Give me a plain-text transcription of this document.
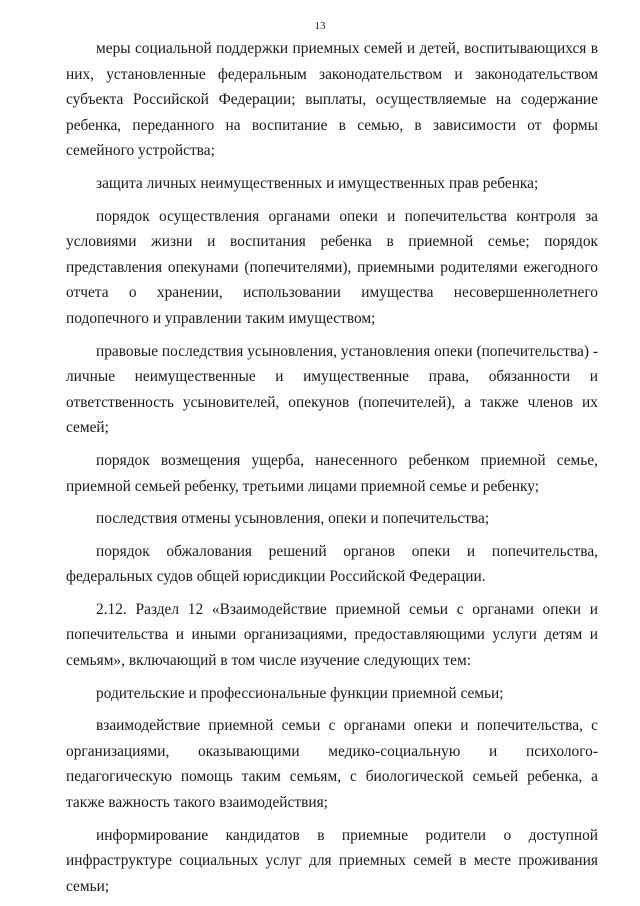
13

меры социальной поддержки приемных семей и детей, воспитывающихся в них, установленные федеральным законодательством и законодательством субъекта Российской Федерации; выплаты, осуществляемые на содержание ребенка, переданного на воспитание в семью, в зависимости от формы семейного устройства;

защита личных неимущественных и имущественных прав ребенка;

порядок осуществления органами опеки и попечительства контроля за условиями жизни и воспитания ребенка в приемной семье; порядок представления опекунами (попечителями), приемными родителями ежегодного отчета о хранении, использовании имущества несовершеннолетнего подопечного и управлении таким имуществом;

правовые последствия усыновления, установления опеки (попечительства) - личные неимущественные и имущественные права, обязанности и ответственность усыновителей, опекунов (попечителей), а также членов их семей;

порядок возмещения ущерба, нанесенного ребенком приемной семье, приемной семьей ребенку, третьими лицами приемной семье и ребенку;

последствия отмены усыновления, опеки и попечительства;

порядок обжалования решений органов опеки и попечительства, федеральных судов общей юрисдикции Российской Федерации.

2.12. Раздел 12 «Взаимодействие приемной семьи с органами опеки и попечительства и иными организациями, предоставляющими услуги детям и семьям», включающий в том числе изучение следующих тем:

родительские и профессиональные функции приемной семьи;

взаимодействие приемной семьи с органами опеки и попечительства, с организациями, оказывающими медико-социальную и психолого-педагогическую помощь таким семьям, с биологической семьей ребенка, а также важность такого взаимодействия;

информирование кандидатов в приемные родители о доступной инфраструктуре социальных услуг для приемных семей в месте проживания семьи;
